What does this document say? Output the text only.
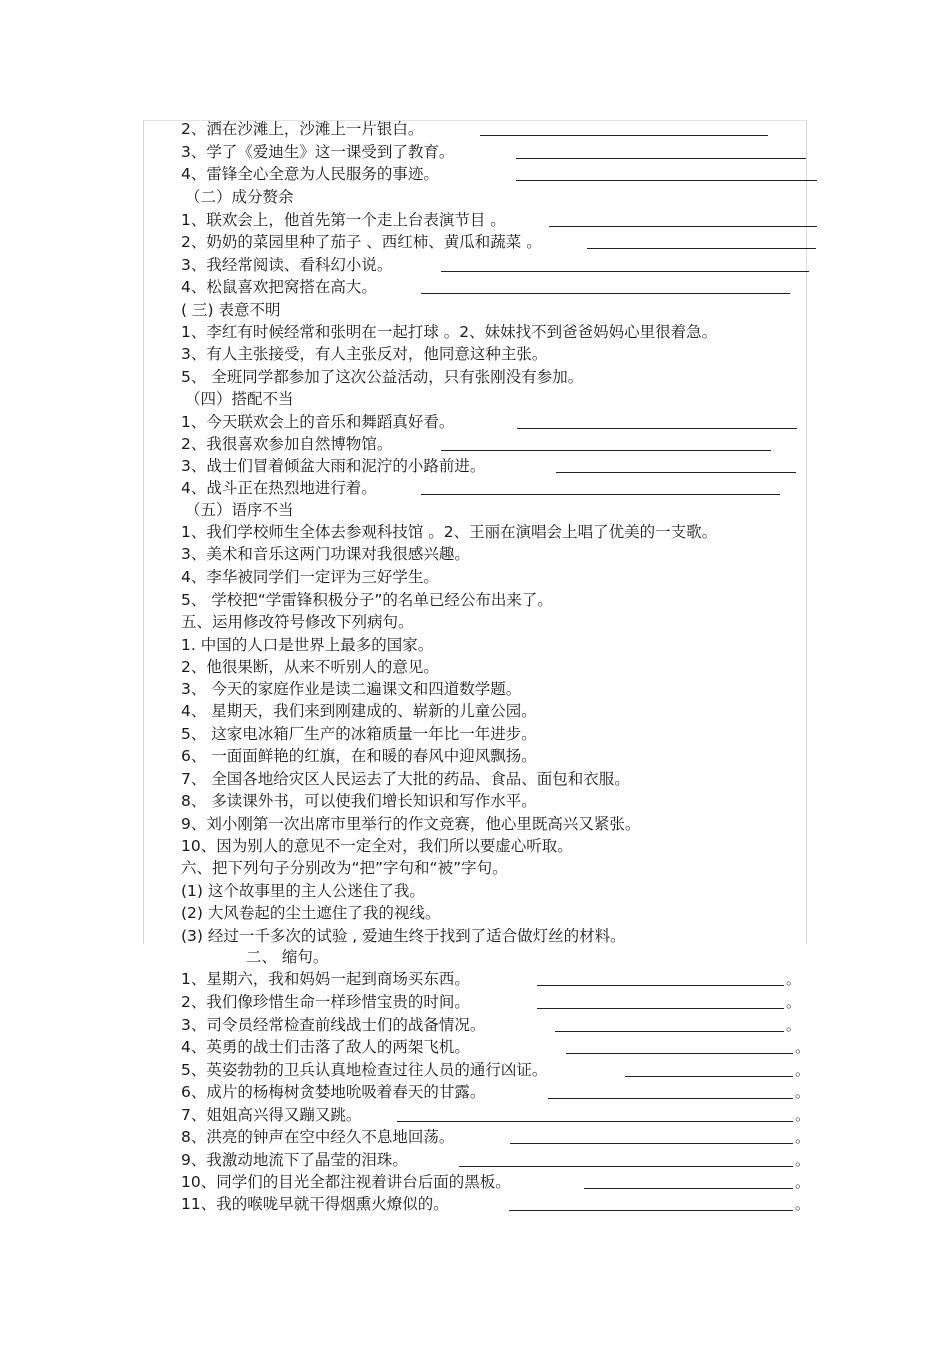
2、洒在沙滩上，沙滩上一片银白。
3、学了《爱迪生》这一课受到了教育。
4、雷锋全心全意为人民服务的事迹。
（二）成分赘余
1、联欢会上，他首先第一个走上台表演节目 。
2、奶奶的菜园里种了茄子 、西红柿、黄瓜和蔬菜 。
3、我经常阅读、看科幻小说。
4、松鼠喜欢把窝搭在高大。
( 三) 表意不明
1、李红有时候经常和张明在一起打球 。2、妹妹找不到爸爸妈妈心里很着急。
3、有人主张接受，有人主张反对，他同意这种主张。
5、 全班同学都参加了这次公益活动，只有张刚没有参加。
（四）搭配不当
1、今天联欢会上的音乐和舞蹈真好看。
2、我很喜欢参加自然博物馆。
3、战士们冒着倾盆大雨和泥泞的小路前进。
4、战斗正在热烈地进行着。
（五）语序不当
1、我们学校师生全体去参观科技馆 。2、王丽在演唱会上唱了优美的一支歌。
3、美术和音乐这两门功课对我很感兴趣。
4、李华被同学们一定评为三好学生。
5、 学校把“学雷锋积极分子”的名单已经公布出来了。
五、运用修改符号修改下列病句。
1. 中国的人口是世界上最多的国家。
2、他很果断，从来不听别人的意见。
3、 今天的家庭作业是读二遍课文和四道数学题。
4、 星期天，我们来到刚建成的、崭新的儿童公园。
5、 这家电冰箱厂生产的冰箱质量一年比一年进步。
6、 一面面鲜艳的红旗，在和暖的春风中迎风飘扬。
7、 全国各地给灾区人民运去了大批的药品、食品、面包和衣服。
8、 多读课外书，可以使我们增长知识和写作水平。
9、刘小刚第一次出席市里举行的作文竞赛，他心里既高兴又紧张。
10、因为别人的意见不一定全对，我们所以要虚心听取。
六、把下列句子分别改为“把”字句和“被”字句。
(1) 这个故事里的主人公迷住了我。
(2) 大风卷起的尘土遮住了我的视线。
(3) 经过一千多次的试验 , 爱迪生终于找到了适合做灯丝的材料。
二、 缩句。
1、星期六，我和妈妈一起到商场买东西。	。
2、我们像珍惜生命一样珍惜宝贵的时间。	。
3、司令员经常检查前线战士们的战备情况。	。
4、英勇的战士们击落了敌人的两架飞机。	。
5、英姿勃勃的卫兵认真地检查过往人员的通行凶证。	。
6、成片的杨梅树贪婪地吮吸着春天的甘露。	。
7、姐姐高兴得又蹦又跳。	。
8、洪亮的钟声在空中经久不息地回荡。	。
9、我激动地流下了晶莹的泪珠。	。
10、同学们的目光全都注视着讲台后面的黑板。	。
11、我的喉咙早就干得烟熏火燎似的。	。
